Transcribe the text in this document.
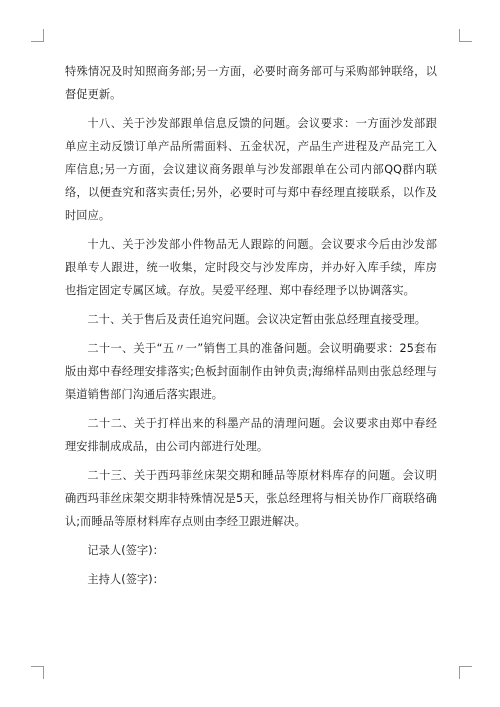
特殊情况及时知照商务部;另一方面，必要时商务部可与采购部钟联络，以督促更新。

十八、关于沙发部跟单信息反馈的问题。会议要求：一方面沙发部跟单应主动反馈订单产品所需面料、五金状况，产品生产进程及产品完工入库信息;另一方面，会议建议商务跟单与沙发部跟单在公司内部QQ群内联络，以便查究和落实责任;另外，必要时可与郑中春经理直接联系，以作及时回应。

十九、关于沙发部小件物品无人跟踪的问题。会议要求今后由沙发部跟单专人跟进，统一收集，定时段交与沙发库房，并办好入库手续，库房也指定固定专属区域。存放。吴爱平经理、郑中春经理予以协调落实。

二十、关于售后及责任追究问题。会议决定暂由张总经理直接受理。

二十一、关于“五〃一”销售工具的准备问题。会议明确要求：25套布版由郑中春经理安排落实;色板封面制作由钟负责;海绵样品则由张总经理与渠道销售部门沟通后落实跟进。

二十二、关于打样出来的科墨产品的清理问题。会议要求由郑中春经理安排制成成品，由公司内部进行处理。

二十三、关于西玛菲丝床架交期和睡品等原材料库存的问题。会议明确西玛菲丝床架交期非特殊情况是5天，张总经理将与相关协作厂商联络确认;而睡品等原材料库存点则由李经卫跟进解决。

记录人(签字)：

主持人(签字)：
